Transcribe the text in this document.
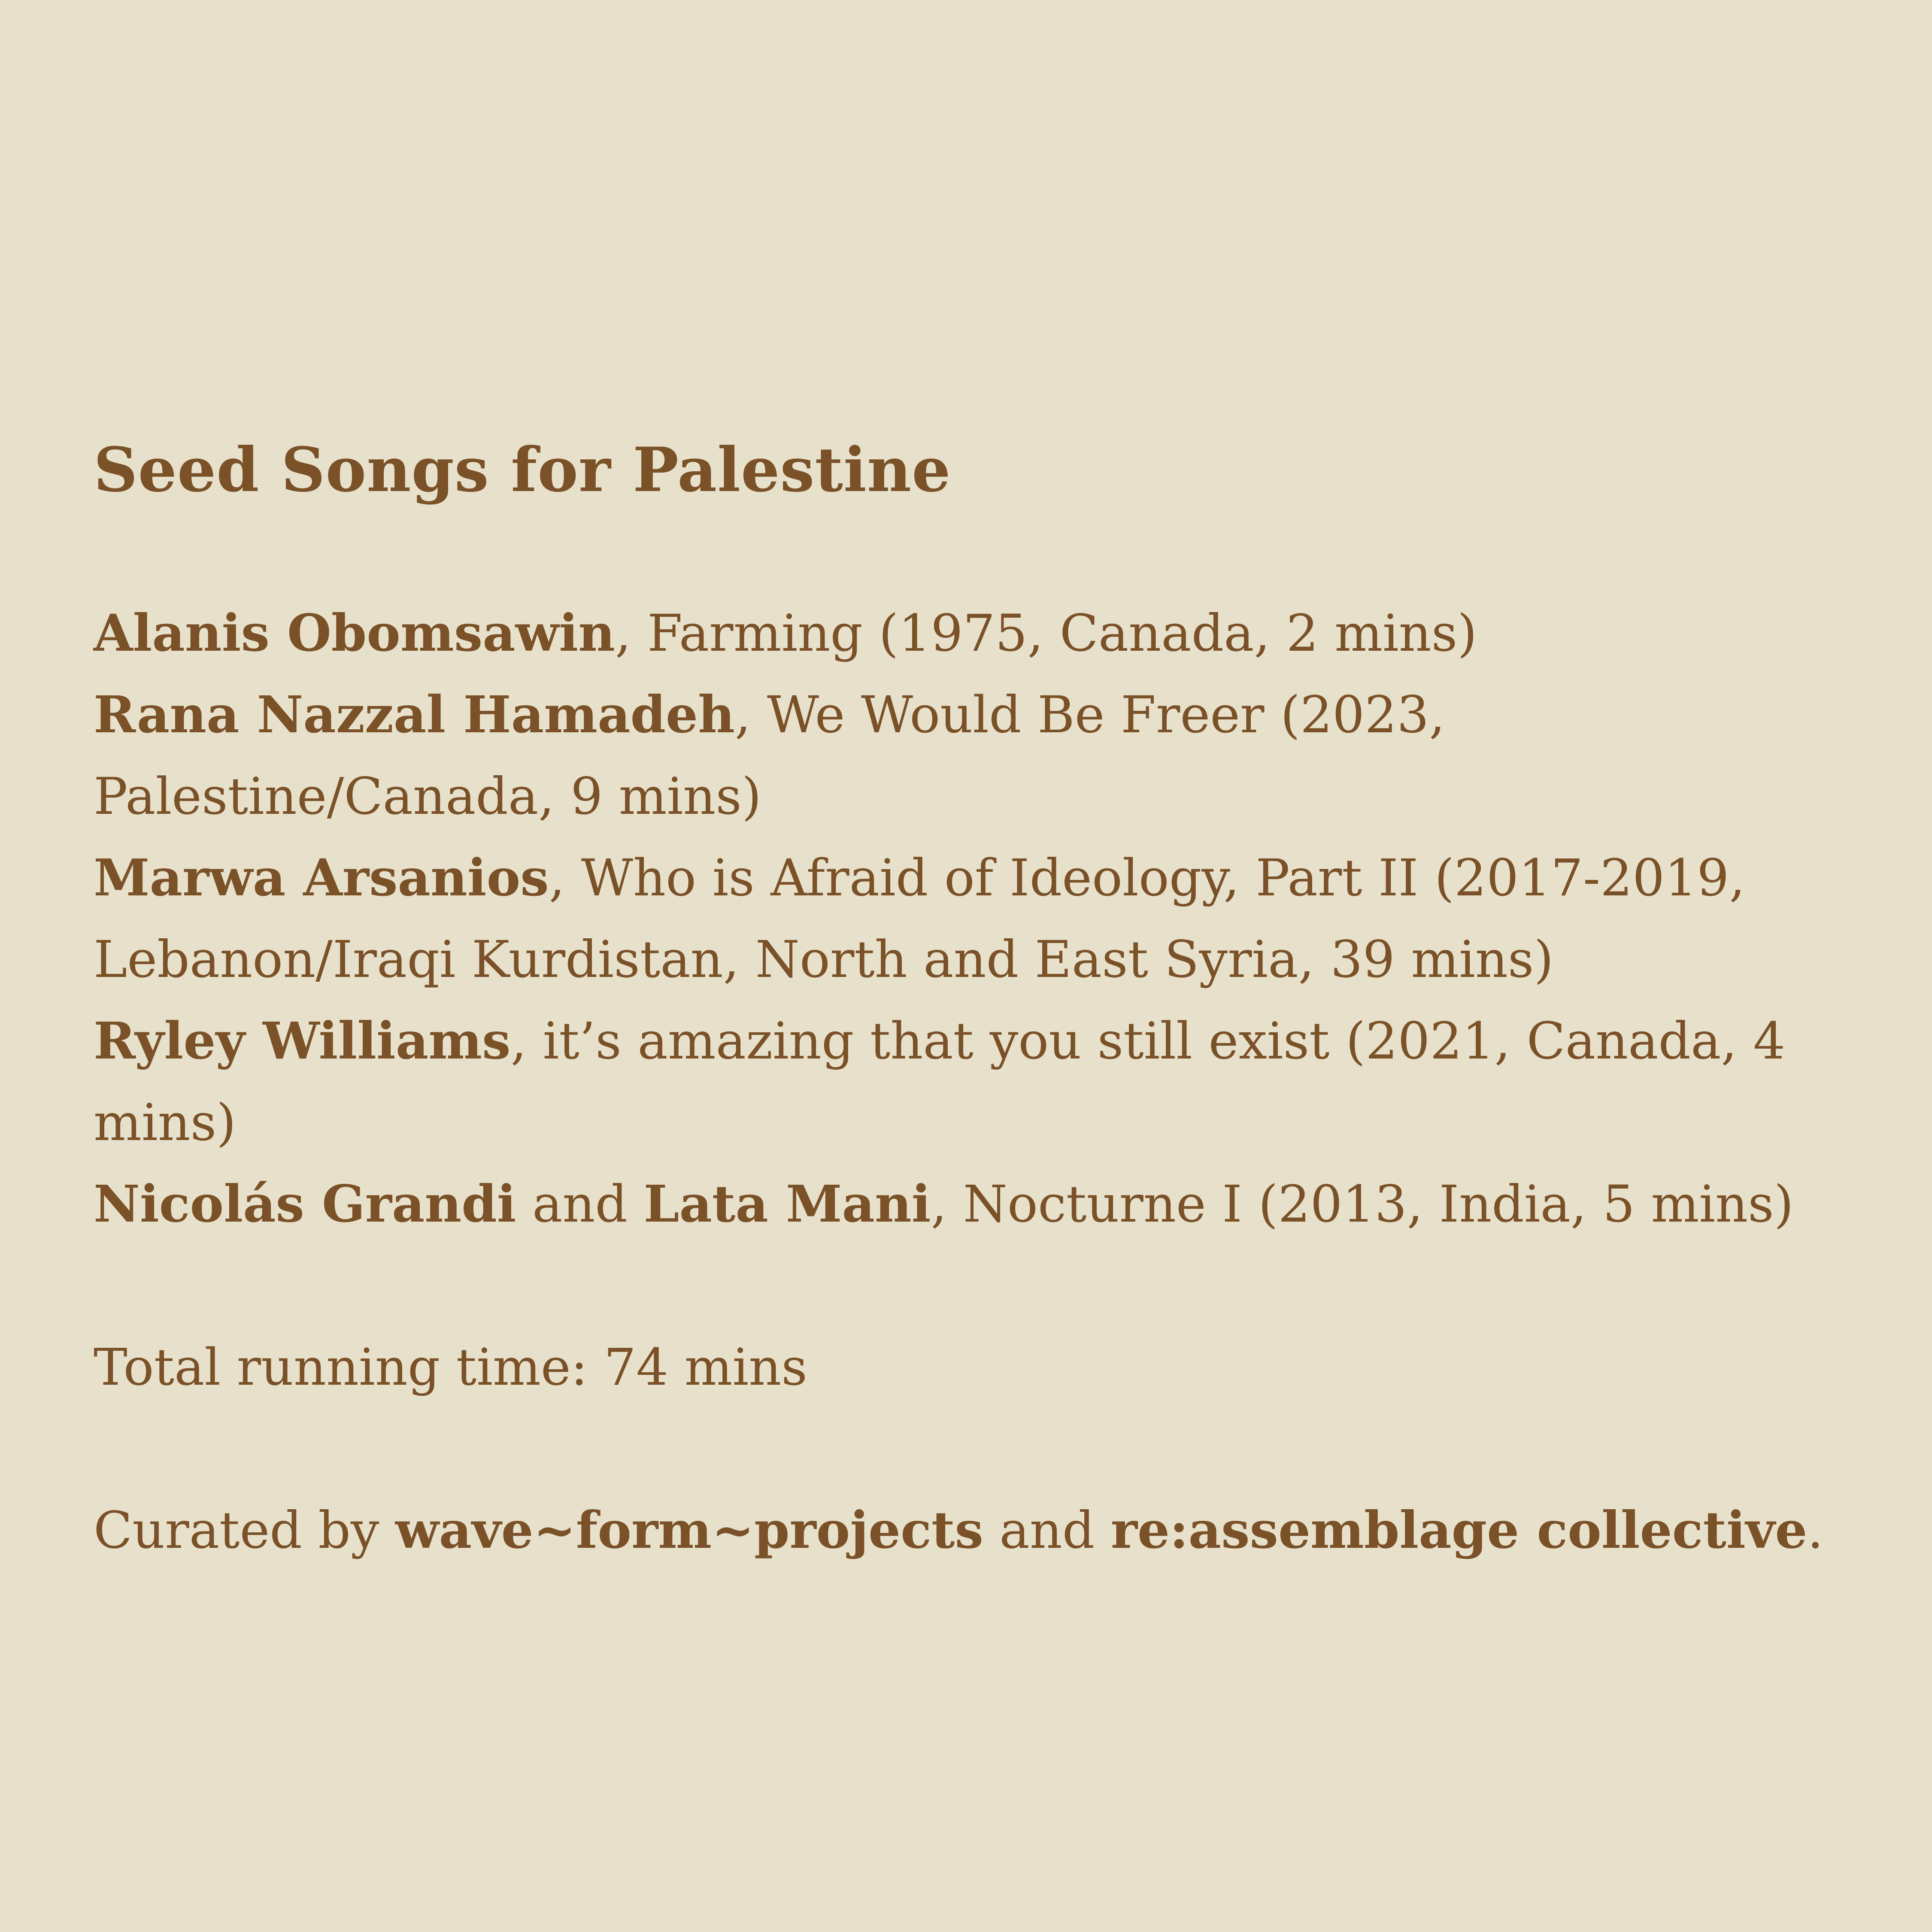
Seed Songs for Palestine

Alanis Obomsawin, Farming (1975, Canada, 2 mins)

Rana Nazzal Hamadeh, We Would Be Freer (2023, Palestine/Canada, 9 mins)

Marwa Arsanios, Who is Afraid of Ideology, Part II (2017-2019, Lebanon/Iraqi Kurdistan, North and East Syria, 39 mins)

Ryley Williams, it’s amazing that you still exist (2021, Canada, 4 mins)

Nicolás Grandi and Lata Mani, Nocturne I (2013, India, 5 mins)

Total running time: 74 mins

Curated by wave~form~projects and re:assemblage collective.
